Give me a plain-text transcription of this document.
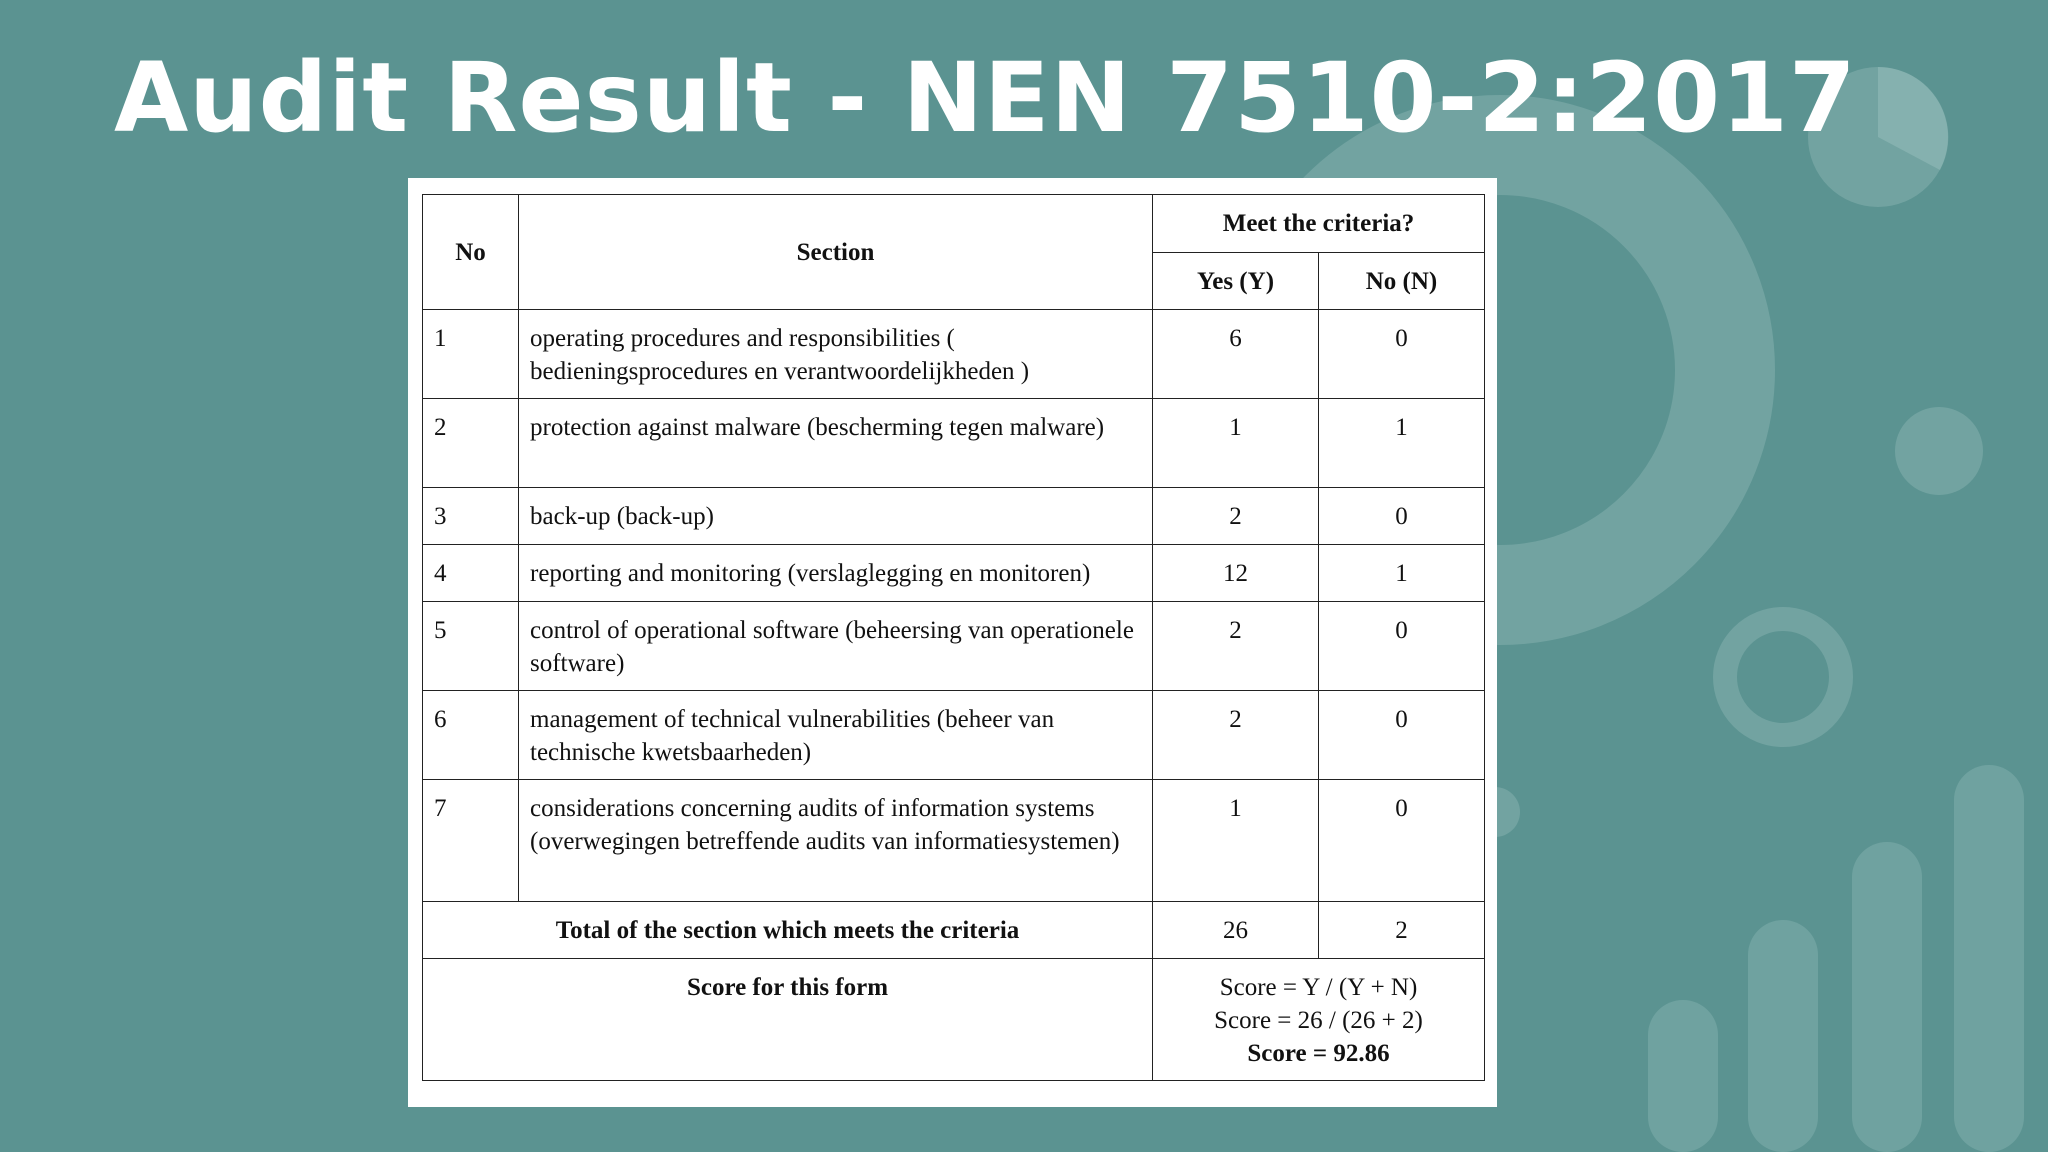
Audit Result - NEN 7510-2:2017
No	Section	Meet the criteria?	
		Yes (Y)	No (N)
1	operating procedures and responsibilities ( bedieningsprocedures en verantwoordelijkheden )	6	0
2	protection against malware (bescherming tegen malware)	1	1
3	back-up (back-up)	2	0
4	reporting and monitoring (verslaglegging en monitoren)	12	1
5	control of operational software (beheersing van operationele software)	2	0
6	management of technical vulnerabilities (beheer van technische kwetsbaarheden)	2	0
7	considerations concerning audits of information systems (overwegingen betreffende audits van informatiesystemen)	1	0
Total of the section which meets the criteria		26	2
Score for this form		Score = Y / (Y + N)
Score = 26 / (26 + 2)
Score = 92.86	
